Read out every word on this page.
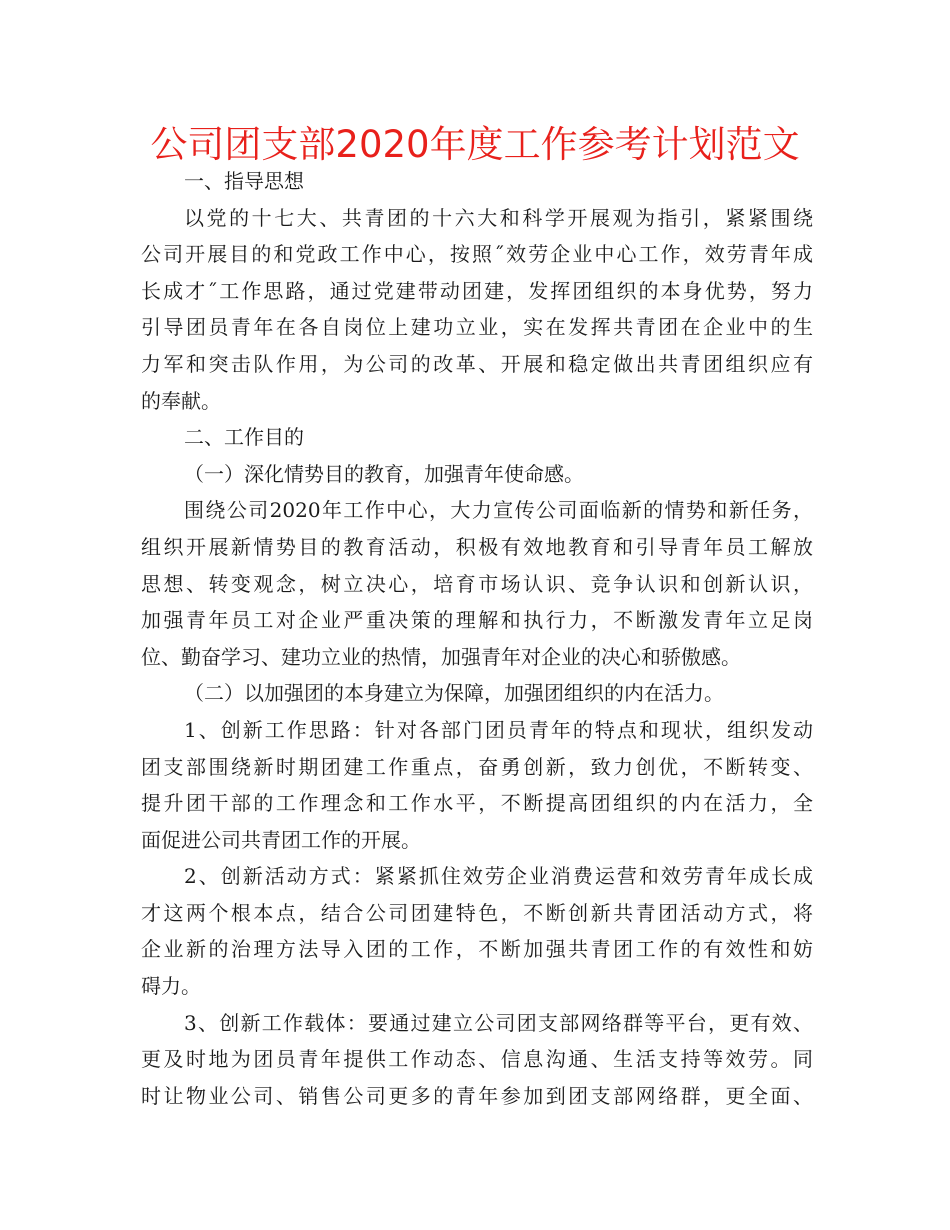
公司团支部2020年度工作参考计划范文
一、指导思想
以党的十七大、共青团的十六大和科学开展观为指引，紧紧围绕
公司开展目的和党政工作中心，按照˝效劳企业中心工作，效劳青年成
长成才˝工作思路，通过党建带动团建，发挥团组织的本身优势，努力
引导团员青年在各自岗位上建功立业，实在发挥共青团在企业中的生
力军和突击队作用，为公司的改革、开展和稳定做出共青团组织应有
的奉献。
二、工作目的
（一）深化情势目的教育，加强青年使命感。
围绕公司2020年工作中心，大力宣传公司面临新的情势和新任务，
组织开展新情势目的教育活动，积极有效地教育和引导青年员工解放
思想、转变观念，树立决心，培育市场认识、竞争认识和创新认识，
加强青年员工对企业严重决策的理解和执行力，不断激发青年立足岗
位、勤奋学习、建功立业的热情，加强青年对企业的决心和骄傲感。
（二）以加强团的本身建立为保障，加强团组织的内在活力。
1、创新工作思路：针对各部门团员青年的特点和现状，组织发动
团支部围绕新时期团建工作重点，奋勇创新，致力创优，不断转变、
提升团干部的工作理念和工作水平，不断提高团组织的内在活力，全
面促进公司共青团工作的开展。
2、创新活动方式：紧紧抓住效劳企业消费运营和效劳青年成长成
才这两个根本点，结合公司团建特色，不断创新共青团活动方式，将
企业新的治理方法导入团的工作，不断加强共青团工作的有效性和妨
碍力。
3、创新工作载体：要通过建立公司团支部网络群等平台，更有效、
更及时地为团员青年提供工作动态、信息沟通、生活支持等效劳。同
时让物业公司、销售公司更多的青年参加到团支部网络群，更全面、
